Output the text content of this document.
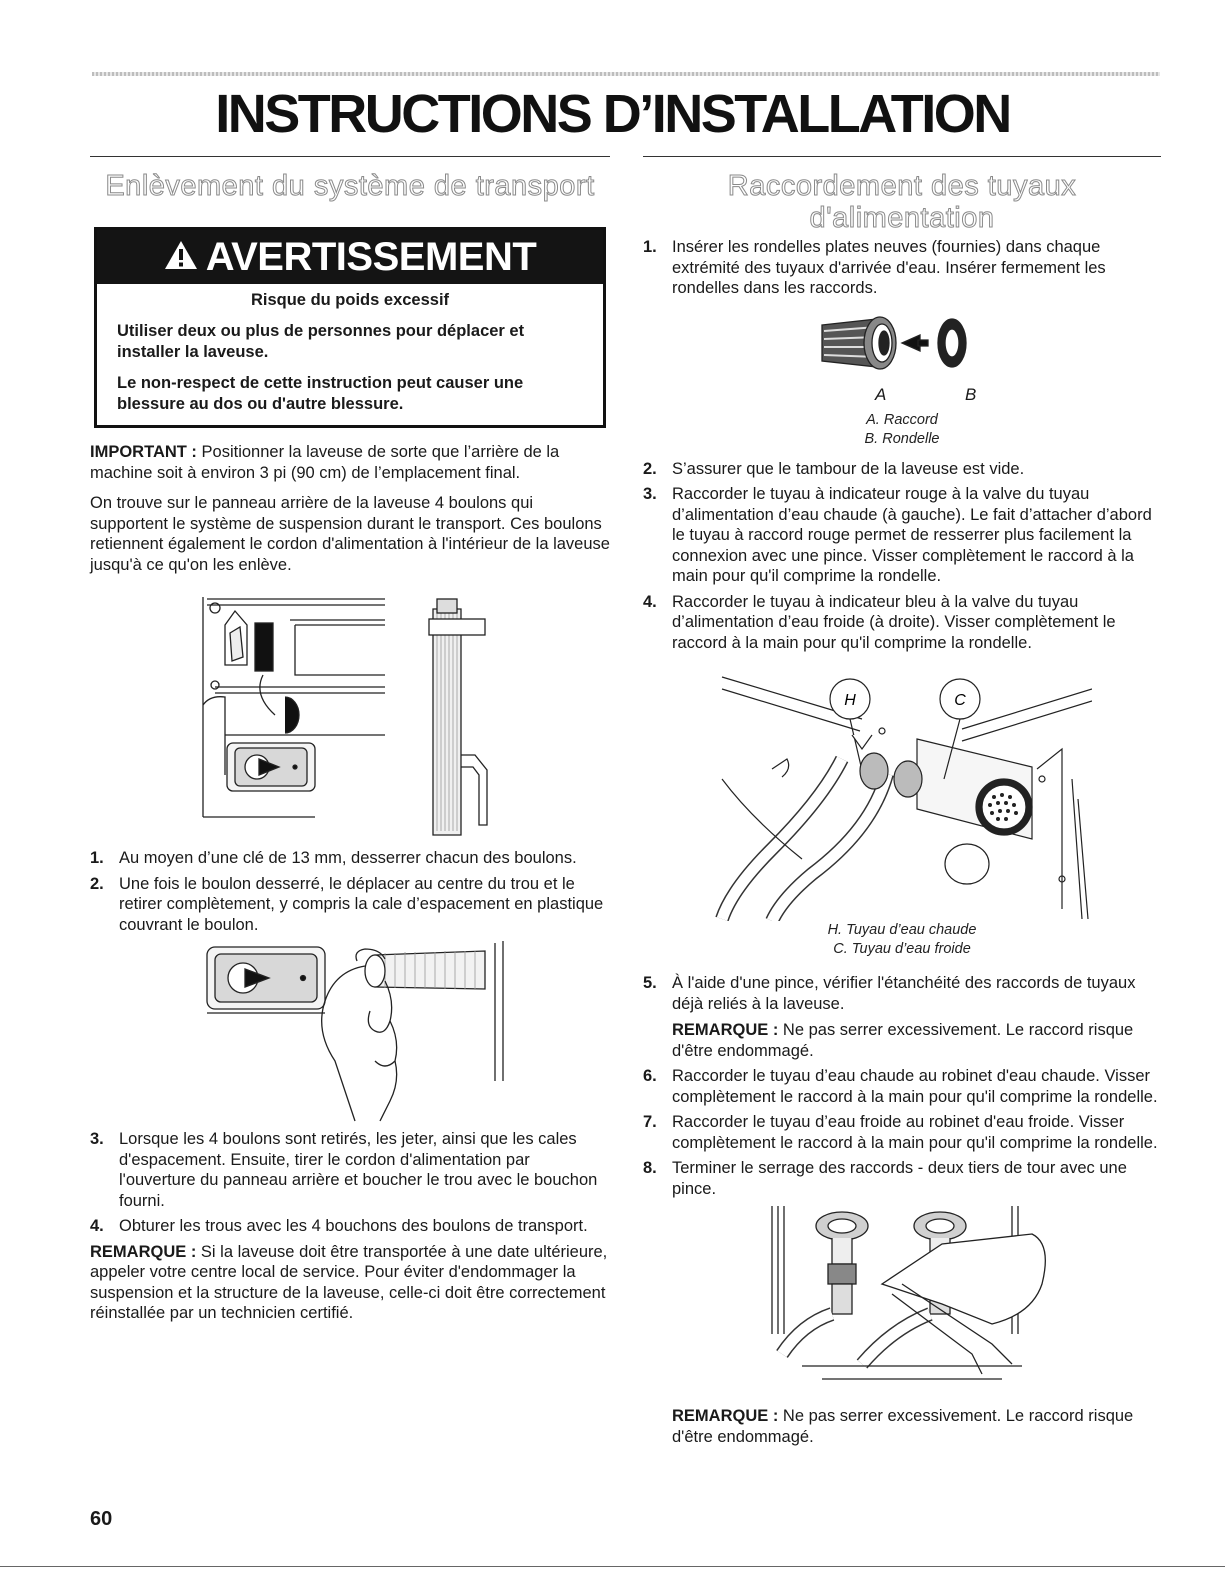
INSTRUCTIONS D’INSTALLATION
Enlèvement du système de transport
AVERTISSEMENT

Risque du poids excessif

Utiliser deux ou plus de personnes pour déplacer et installer la laveuse.

Le non-respect de cette instruction peut causer une blessure au dos ou d'autre blessure.

IMPORTANT : Positionner la laveuse de sorte que l’arrière de la machine soit à environ 3 pi (90 cm) de l’emplacement final.

On trouve sur le panneau arrière de la laveuse 4 boulons qui supportent le système de suspension durant le transport. Ces boulons retiennent également le cordon d'alimentation à l'intérieur de la laveuse jusqu'à ce qu'on les enlève.

1. Au moyen d’une clé de 13 mm, desserrer chacun des boulons.
2. Une fois le boulon desserré, le déplacer au centre du trou et le retirer complètement, y compris la cale d’espacement en plastique couvrant le boulon.
3. Lorsque les 4 boulons sont retirés, les jeter, ainsi que les cales d'espacement. Ensuite, tirer le cordon d'alimentation par l'ouverture du panneau arrière et boucher le trou avec le bouchon fourni.
4. Obturer les trous avec les 4 bouchons des boulons de transport.

REMARQUE : Si la laveuse doit être transportée à une date ultérieure, appeler votre centre local de service. Pour éviter d'endommager la suspension et la structure de la laveuse, celle-ci doit être correctement réinstallée par un technicien certifié.

Raccordement des tuyaux
d'alimentation
1. Insérer les rondelles plates neuves (fournies) dans chaque extrémité des tuyaux d'arrivée d'eau. Insérer fermement les rondelles dans les raccords.
A	B
A. Raccord
B. Rondelle
2. S’assurer que le tambour de la laveuse est vide.
3. Raccorder le tuyau à indicateur rouge à la valve du tuyau d’alimentation d’eau chaude (à gauche). Le fait d’attacher d’abord le tuyau à raccord rouge permet de resserrer plus facilement la connexion avec une pince. Visser complètement le raccord à la main pour qu'il comprime la rondelle.
4. Raccorder le tuyau à indicateur bleu à la valve du tuyau d’alimentation d’eau froide (à droite). Visser complètement le raccord à la main pour qu'il comprime la rondelle.
H	C
H. Tuyau d’eau chaude
C. Tuyau d’eau froide
5. À l'aide d'une pince, vérifier l'étanchéité des raccords de tuyaux déjà reliés à la laveuse.
REMARQUE : Ne pas serrer excessivement. Le raccord risque d'être endommagé.
6. Raccorder le tuyau d’eau chaude au robinet d'eau chaude. Visser complètement le raccord à la main pour qu'il comprime la rondelle.
7. Raccorder le tuyau d’eau froide au robinet d'eau froide. Visser complètement le raccord à la main pour qu'il comprime la rondelle.
8. Terminer le serrage des raccords - deux tiers de tour avec une pince.

REMARQUE : Ne pas serrer excessivement. Le raccord risque d'être endommagé.

60
